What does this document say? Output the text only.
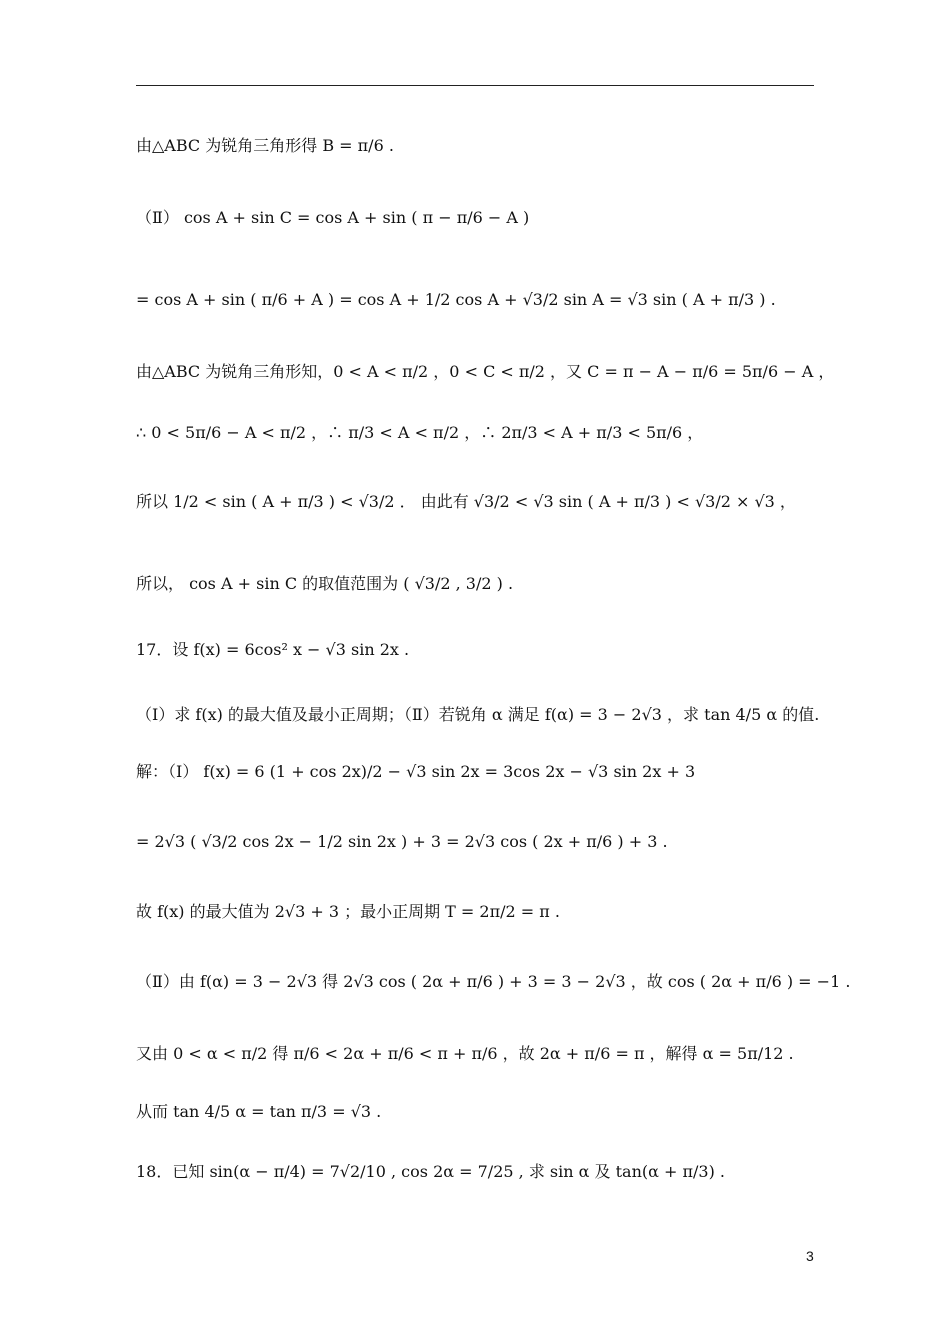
由△ABC 为锐角三角形得 B = π/6 .
（Ⅱ） cos A + sin C = cos A + sin ( π − π/6 − A )
= cos A + sin ( π/6 + A ) = cos A + 1/2 cos A + √3/2 sin A = √3 sin ( A + π/3 ) .
由△ABC 为锐角三角形知，0 < A < π/2 ，0 < C < π/2 ，又 C = π − A − π/6 = 5π/6 − A ，
∴ 0 < 5π/6 − A < π/2 ，∴ π/3 < A < π/2 ，∴ 2π/3 < A + π/3 < 5π/6 ，
所以 1/2 < sin ( A + π/3 ) < √3/2 ． 由此有 √3/2 < √3 sin ( A + π/3 ) < √3/2 × √3 ，
所以， cos A + sin C 的取值范围为 ( √3/2 , 3/2 ) .
17．设 f(x) = 6cos² x − √3 sin 2x .
（Ⅰ）求 f(x) 的最大值及最小正周期；（Ⅱ）若锐角 α 满足 f(α) = 3 − 2√3 ，求 tan 4/5 α 的值.
解：（Ⅰ） f(x) = 6 (1 + cos 2x)/2 − √3 sin 2x = 3cos 2x − √3 sin 2x + 3
= 2√3 ( √3/2 cos 2x − 1/2 sin 2x ) + 3 = 2√3 cos ( 2x + π/6 ) + 3 .
故 f(x) 的最大值为 2√3 + 3 ；最小正周期 T = 2π/2 = π .
（Ⅱ）由 f(α) = 3 − 2√3 得 2√3 cos ( 2α + π/6 ) + 3 = 3 − 2√3 ，故 cos ( 2α + π/6 ) = −1 .
又由 0 < α < π/2 得 π/6 < 2α + π/6 < π + π/6 ，故 2α + π/6 = π ，解得 α = 5π/12 .
从而 tan 4/5 α = tan π/3 = √3 .
18．已知 sin(α − π/4) = 7√2/10 , cos 2α = 7/25 , 求 sin α 及 tan(α + π/3) .
3
